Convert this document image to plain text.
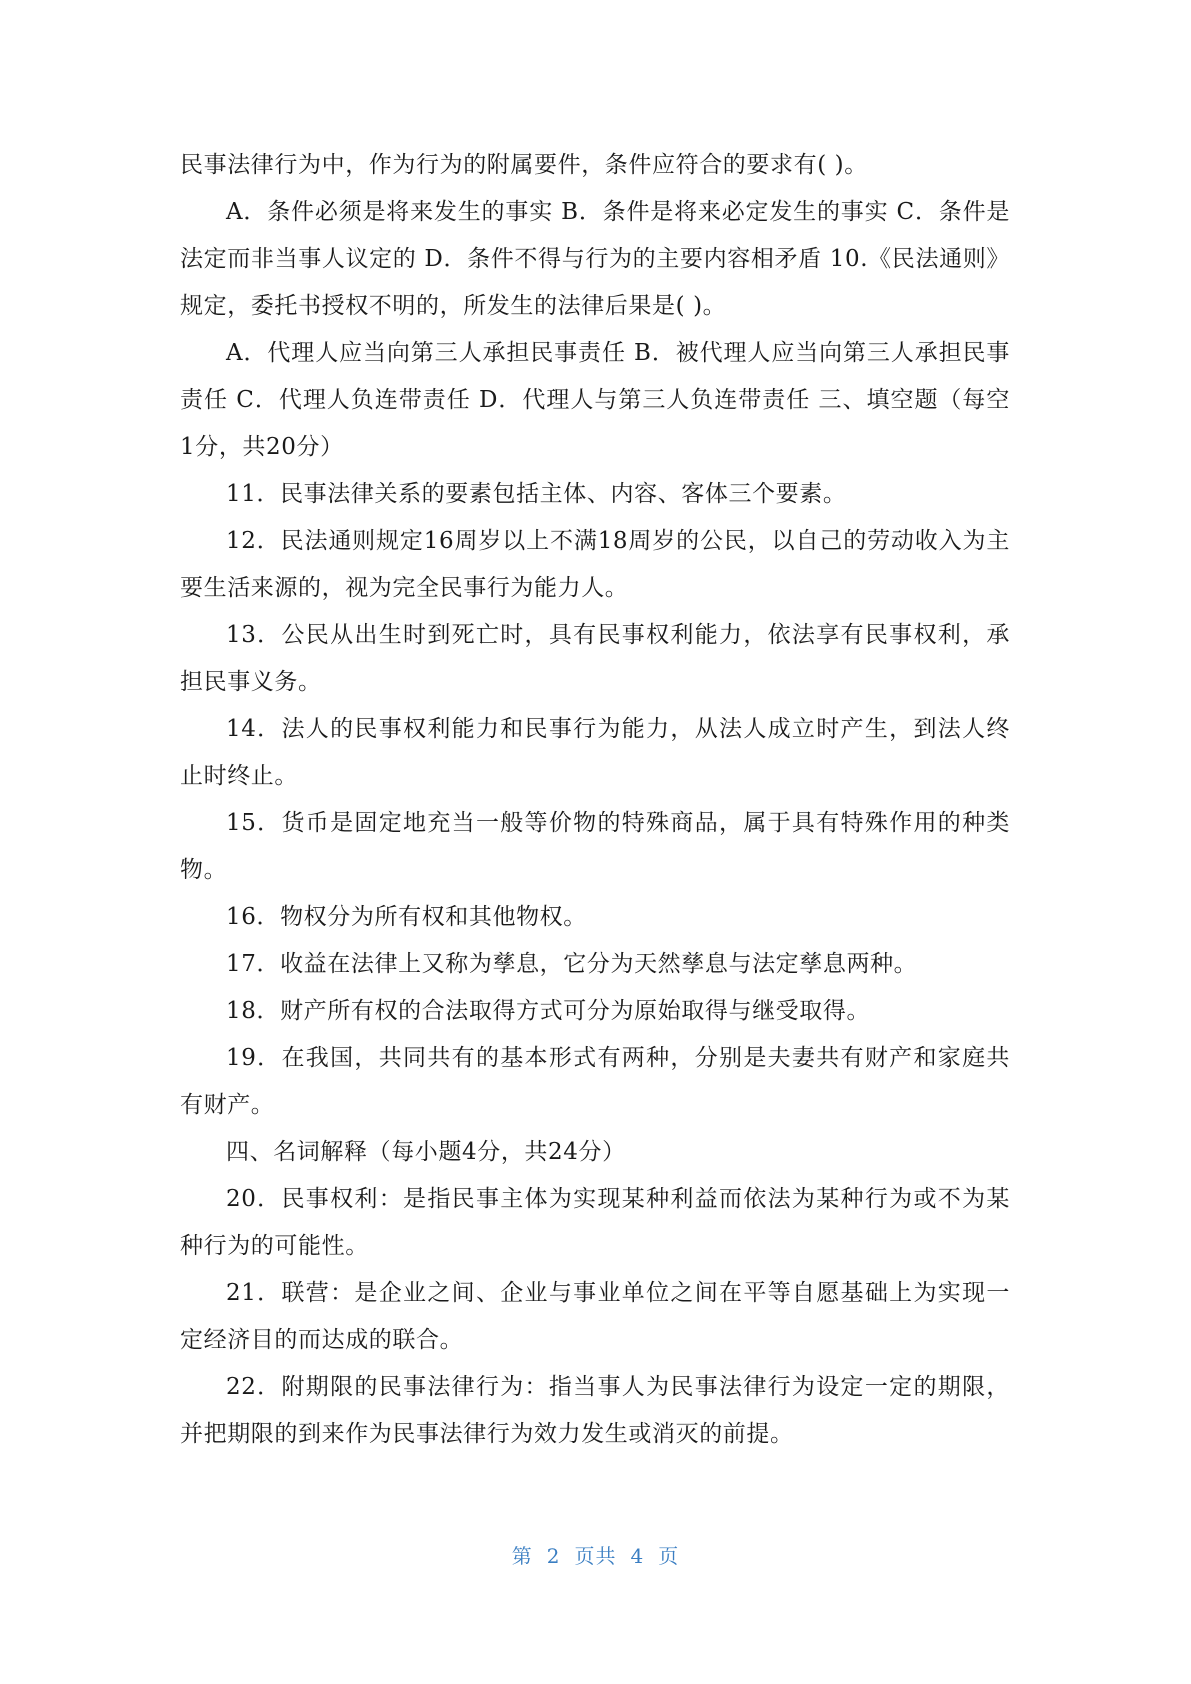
民事法律行为中，作为行为的附属要件，条件应符合的要求有( )。

A．条件必须是将来发生的事实 B．条件是将来必定发生的事实 C．条件是法定而非当事人议定的 D．条件不得与行为的主要内容相矛盾 10.《民法通则》规定，委托书授权不明的，所发生的法律后果是( )。

A．代理人应当向第三人承担民事责任 B．被代理人应当向第三人承担民事责任 C．代理人负连带责任 D．代理人与第三人负连带责任 三、填空题（每空1分，共20分）

11．民事法律关系的要素包括主体、内容、客体三个要素。

12．民法通则规定16周岁以上不满18周岁的公民，以自己的劳动收入为主要生活来源的，视为完全民事行为能力人。

13．公民从出生时到死亡时，具有民事权利能力，依法享有民事权利，承担民事义务。

14．法人的民事权利能力和民事行为能力，从法人成立时产生，到法人终止时终止。

15．货币是固定地充当一般等价物的特殊商品，属于具有特殊作用的种类物。

16．物权分为所有权和其他物权。

17．收益在法律上又称为孳息，它分为天然孳息与法定孳息两种。

18．财产所有权的合法取得方式可分为原始取得与继受取得。

19．在我国，共同共有的基本形式有两种，分别是夫妻共有财产和家庭共有财产。

四、名词解释（每小题4分，共24分）

20．民事权利：是指民事主体为实现某种利益而依法为某种行为或不为某种行为的可能性。

21．联营：是企业之间、企业与事业单位之间在平等自愿基础上为实现一定经济目的而达成的联合。

22．附期限的民事法律行为：指当事人为民事法律行为设定一定的期限，并把期限的到来作为民事法律行为效力发生或消灭的前提。

第 2 页共 4 页
